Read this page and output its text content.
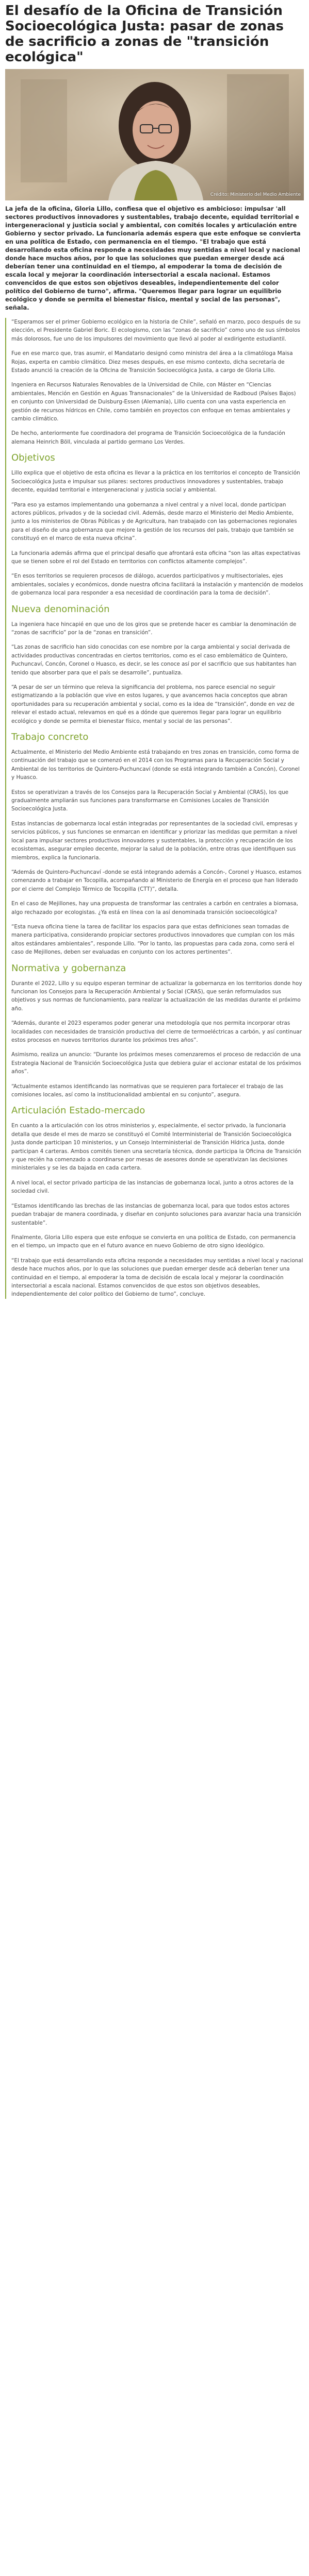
El desafío de la Oficina de Transición Socioecológica Justa: pasar de zonas de sacrificio a zonas de "transición ecológica"
Crédito: Ministerio del Medio Ambiente

La jefa de la oficina, Gloria Lillo, confiesa que el objetivo es ambicioso: impulsar 'all sectores productivos innovadores y sustentables, trabajo decente, equidad territorial e intergeneracional y justicia social y ambiental, con comités locales y articulación entre Gobierno y sector privado. La funcionaria además espera que este enfoque se convierta en una política de Estado, con permanencia en el tiempo. "El trabajo que está desarrollando esta oficina responde a necesidades muy sentidas a nivel local y nacional donde hace muchos años, por lo que las soluciones que puedan emerger desde acá deberían tener una continuidad en el tiempo, al empoderar la toma de decisión de escala local y mejorar la coordinación intersectorial a escala nacional. Estamos convencidos de que estos son objetivos deseables, independientemente del color político del Gobierno de turno", afirma. "Queremos llegar para lograr un equilibrio ecológico y donde se permita el bienestar físico, mental y social de las personas", señala.

“Esperamos ser el primer Gobierno ecológico en la historia de Chile”, señaló en marzo, poco después de su elección, el Presidente Gabriel Boric. El ecologismo, con las “zonas de sacrificio” como uno de sus símbolos más dolorosos, fue uno de los impulsores del movimiento que llevó al poder al exdirigente estudiantil.

Fue en ese marco que, tras asumir, el Mandatario designó como ministra del área a la climatóloga Maisa Rojas, experta en cambio climático. Diez meses después, en ese mismo contexto, dicha secretaría de Estado anunció la creación de la Oficina de Transición Socioecológica Justa, a cargo de Gloria Lillo.

Ingeniera en Recursos Naturales Renovables de la Universidad de Chile, con Máster en “Ciencias ambientales, Mención en Gestión en Aguas Transnacionales” de la Universidad de Radboud (Países Bajos) en conjunto con Universidad de Duisburg-Essen (Alemania), Lillo cuenta con una vasta experiencia en gestión de recursos hídricos en Chile, como también en proyectos con enfoque en temas ambientales y cambio climático.

De hecho, anteriormente fue coordinadora del programa de Transición Socioecológica de la fundación alemana Heinrich Böll, vinculada al partido germano Los Verdes.

Objetivos

Lillo explica que el objetivo de esta oficina es llevar a la práctica en los territorios el concepto de Transición Socioecológica Justa e impulsar sus pilares: sectores productivos innovadores y sustentables, trabajo decente, equidad territorial e intergeneracional y justicia social y ambiental.

“Para eso ya estamos implementando una gobernanza a nivel central y a nivel local, donde participan actores públicos, privados y de la sociedad civil. Además, desde marzo el Ministerio del Medio Ambiente, junto a los ministerios de Obras Públicas y de Agricultura, han trabajado con las gobernaciones regionales para el diseño de una gobernanza que mejore la gestión de los recursos del país, trabajo que también se constituyó en el marco de esta nueva oficina”.

La funcionaria además afirma que el principal desafío que afrontará esta oficina “son las altas expectativas que se tienen sobre el rol del Estado en territorios con conflictos altamente complejos”.

“En esos territorios se requieren procesos de diálogo, acuerdos participativos y multisectoriales, ejes ambientales, sociales y económicos, donde nuestra oficina facilitará la instalación y mantención de modelos de gobernanza local para responder a esa necesidad de coordinación para la toma de decisión”.

Nueva denominación

La ingeniera hace hincapié en que uno de los giros que se pretende hacer es cambiar la denominación de “zonas de sacrificio” por la de “zonas en transición”.

“Las zonas de sacrificio han sido conocidas con ese nombre por la carga ambiental y social derivada de actividades productivas concentradas en ciertos territorios, como es el caso emblemático de Quintero, Puchuncaví, Concón, Coronel o Huasco, es decir, se les conoce así por el sacrificio que sus habitantes han tenido que absorber para que el país se desarrolle”, puntualiza.

“A pesar de ser un término que releva la significancia del problema, nos parece esencial no seguir estigmatizando a la población que vive en estos lugares, y que avancemos hacia conceptos que abran oportunidades para su recuperación ambiental y social, como es la idea de “transición”, donde en vez de relevar el estado actual, relevamos en qué es a dónde que queremos llegar para lograr un equilibrio ecológico y donde se permita el bienestar físico, mental y social de las personas”.

Trabajo concreto

Actualmente, el Ministerio del Medio Ambiente está trabajando en tres zonas en transición, como forma de continuación del trabajo que se comenzó en el 2014 con los Programas para la Recuperación Social y Ambiental de los territorios de Quintero-Puchuncaví (donde se está integrando también a Concón), Coronel y Huasco.

Estos se operativizan a través de los Consejos para la Recuperación Social y Ambiental (CRAS), los que gradualmente ampliarán sus funciones para transformarse en Comisiones Locales de Transición Socioecológica Justa.

Estas instancias de gobernanza local están integradas por representantes de la sociedad civil, empresas y servicios públicos, y sus funciones se enmarcan en identificar y priorizar las medidas que permitan a nivel local para impulsar sectores productivos innovadores y sustentables, la protección y recuperación de los ecosistemas, asegurar empleo decente, mejorar la salud de la población, entre otras que identifiquen sus miembros, explica la funcionaria.

“Además de Quintero-Puchuncaví -donde se está integrando además a Concón-, Coronel y Huasco, estamos comenzando a trabajar en Tocopilla, acompañando al Ministerio de Energía en el proceso que han liderado por el cierre del Complejo Térmico de Tocopilla (CTT)”, detalla.

En el caso de Mejillones, hay una propuesta de transformar las centrales a carbón en centrales a biomasa, algo rechazado por ecologistas. ¿Ya está en línea con la así denominada transición socioecológica?

“Esta nueva oficina tiene la tarea de facilitar los espacios para que estas definiciones sean tomadas de manera participativa, considerando propiciar sectores productivos innovadores que cumplan con los más altos estándares ambientales”, responde Lillo. “Por lo tanto, las propuestas para cada zona, como será el caso de Mejillones, deben ser evaluadas en conjunto con los actores pertinentes”.

Normativa y gobernanza

Durante el 2022, Lillo y su equipo esperan terminar de actualizar la gobernanza en los territorios donde hoy funcionan los Consejos para la Recuperación Ambiental y Social (CRAS), que serán reformulados sus objetivos y sus normas de funcionamiento, para realizar la actualización de las medidas durante el próximo año.

“Además, durante el 2023 esperamos poder generar una metodología que nos permita incorporar otras localidades con necesidades de transición productiva del cierre de termoeléctricas a carbón, y así continuar estos procesos en nuevos territorios durante los próximos tres años”.

Asimismo, realiza un anuncio: “Durante los próximos meses comenzaremos el proceso de redacción de una Estrategia Nacional de Transición Socioecológica Justa que debiera guiar el accionar estatal de los próximos años”.

“Actualmente estamos identificando las normativas que se requieren para fortalecer el trabajo de las comisiones locales, así como la institucionalidad ambiental en su conjunto”, asegura.

Articulación Estado-mercado

En cuanto a la articulación con los otros ministerios y, especialmente, el sector privado, la funcionaria detalla que desde el mes de marzo se constituyó el Comité Interministerial de Transición Socioecológica Justa donde participan 10 ministerios, y un Consejo Interministerial de Transición Hídrica Justa, donde participan 4 carteras. Ambos comités tienen una secretaría técnica, donde participa la Oficina de Transición y que recién ha comenzado a coordinarse por mesas de asesores donde se operativizan las decisiones ministeriales y se les da bajada en cada cartera.

A nivel local, el sector privado participa de las instancias de gobernanza local, junto a otros actores de la sociedad civil.

“Estamos identificando las brechas de las instancias de gobernanza local, para que todos estos actores puedan trabajar de manera coordinada, y diseñar en conjunto soluciones para avanzar hacia una transición sustentable”.

Finalmente, Gloria Lillo espera que este enfoque se convierta en una política de Estado, con permanencia en el tiempo, un impacto que en el futuro avance en nuevo Gobierno de otro signo ideológico.

“El trabajo que está desarrollando esta oficina responde a necesidades muy sentidas a nivel local y nacional desde hace muchos años, por lo que las soluciones que puedan emerger desde acá deberían tener una continuidad en el tiempo, al empoderar la toma de decisión de escala local y mejorar la coordinación intersectorial a escala nacional. Estamos convencidos de que estos son objetivos deseables, independientemente del color político del Gobierno de turno”, concluye.
